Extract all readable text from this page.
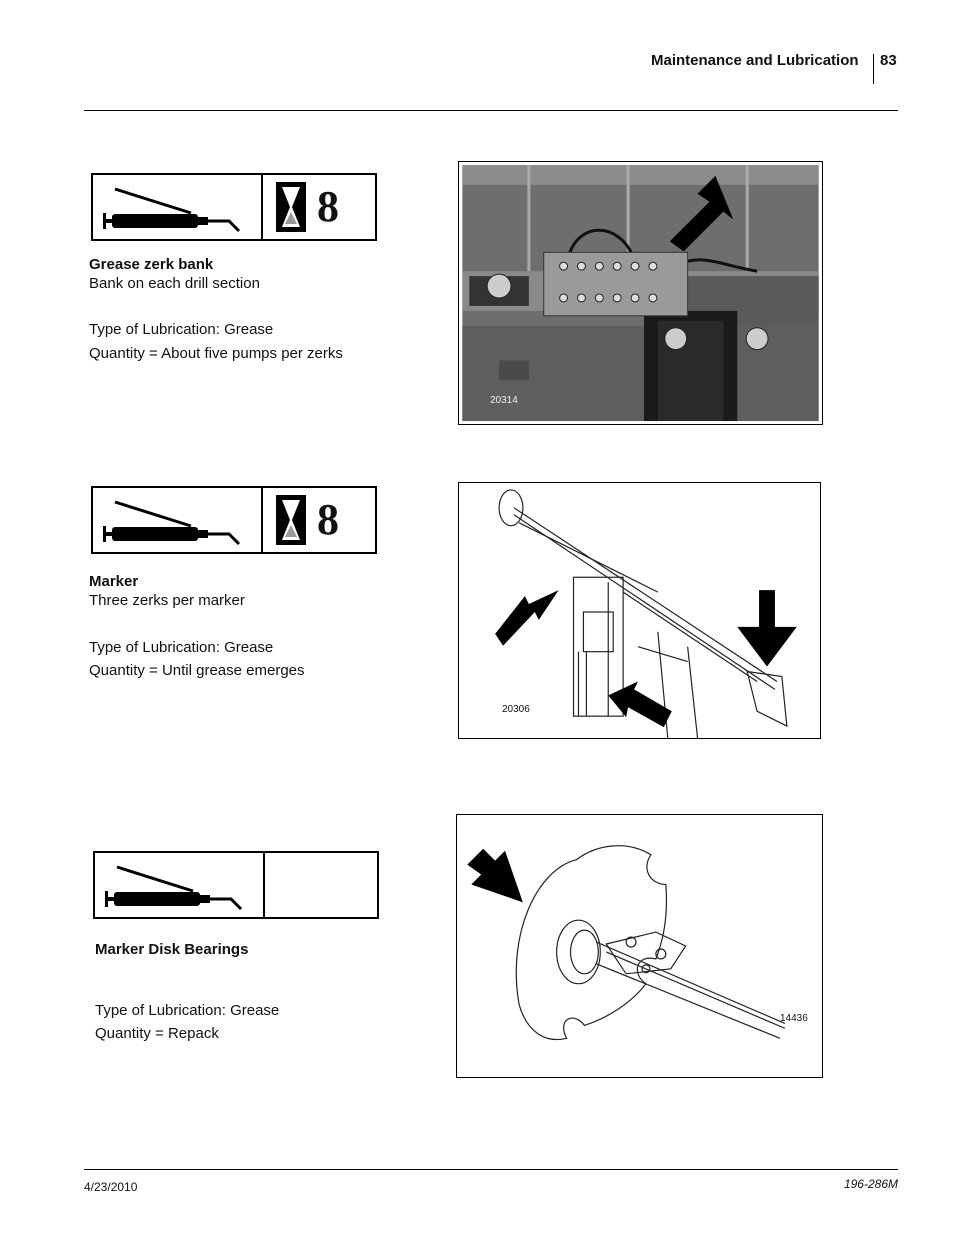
Maintenance and Lubrication 83
8
Grease zerk bank
Bank on each drill section
Type of Lubrication: Grease
Quantity = About five pumps per zerks
20314
8
Marker
Three zerks per marker
Type of Lubrication: Grease
Quantity = Until grease emerges
20306
Marker Disk Bearings
Type of Lubrication: Grease
Quantity = Repack
14436
4/23/2010	196-286M
